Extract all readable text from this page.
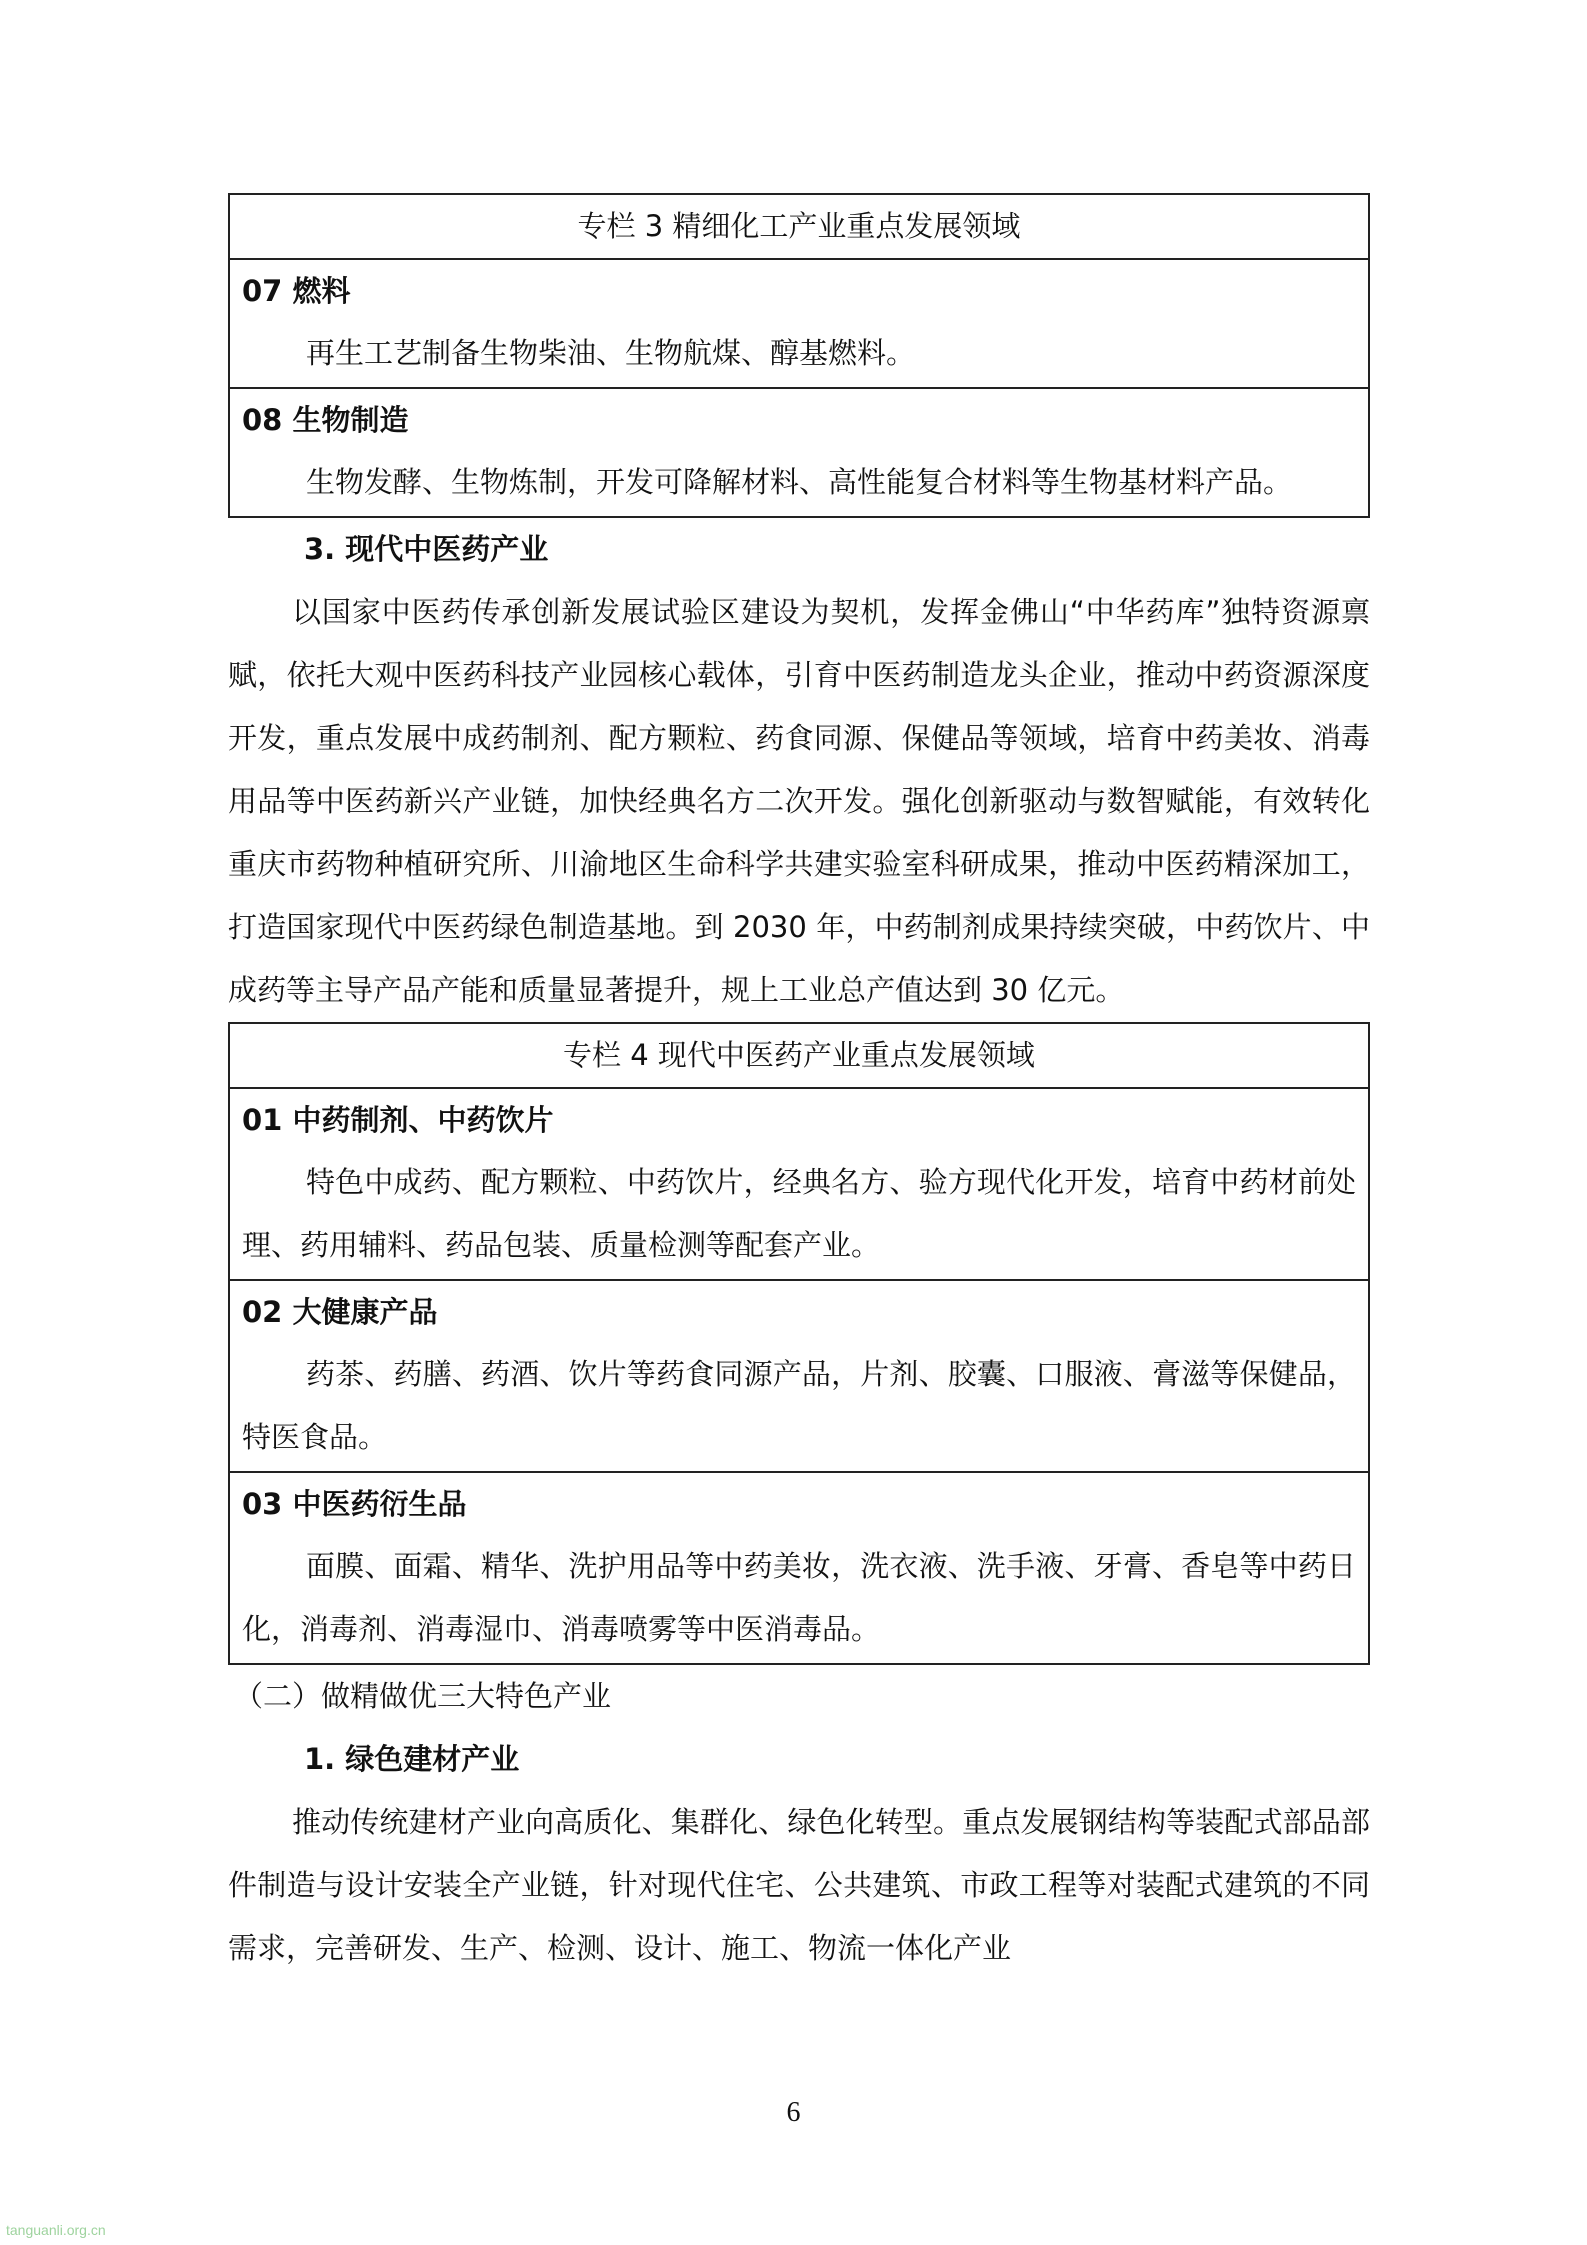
专栏 3 精细化工产业重点发展领域
07 燃料
再生工艺制备生物柴油、生物航煤、醇基燃料。
08 生物制造
生物发酵、生物炼制，开发可降解材料、高性能复合材料等生物基材料产品。
3. 现代中医药产业
以国家中医药传承创新发展试验区建设为契机，发挥金佛山“中华药库”独特资源禀赋，依托大观中医药科技产业园核心载体，引育中医药制造龙头企业，推动中药资源深度开发，重点发展中成药制剂、配方颗粒、药食同源、保健品等领域，培育中药美妆、消毒用品等中医药新兴产业链，加快经典名方二次开发。强化创新驱动与数智赋能，有效转化重庆市药物种植研究所、川渝地区生命科学共建实验室科研成果，推动中医药精深加工，打造国家现代中医药绿色制造基地。到 2030 年，中药制剂成果持续突破，中药饮片、中成药等主导产品产能和质量显著提升，规上工业总产值达到 30 亿元。
专栏 4 现代中医药产业重点发展领域
01 中药制剂、中药饮片
特色中成药、配方颗粒、中药饮片，经典名方、验方现代化开发，培育中药材前处理、药用辅料、药品包装、质量检测等配套产业。
02 大健康产品
药茶、药膳、药酒、饮片等药食同源产品，片剂、胶囊、口服液、膏滋等保健品，特医食品。
03 中医药衍生品
面膜、面霜、精华、洗护用品等中药美妆，洗衣液、洗手液、牙膏、香皂等中药日化，消毒剂、消毒湿巾、消毒喷雾等中医消毒品。
（二）做精做优三大特色产业
1. 绿色建材产业
推动传统建材产业向高质化、集群化、绿色化转型。重点发展钢结构等装配式部品部件制造与设计安装全产业链，针对现代住宅、公共建筑、市政工程等对装配式建筑的不同需求，完善研发、生产、检测、设计、施工、物流一体化产业
6
tanguanli.org.cn
